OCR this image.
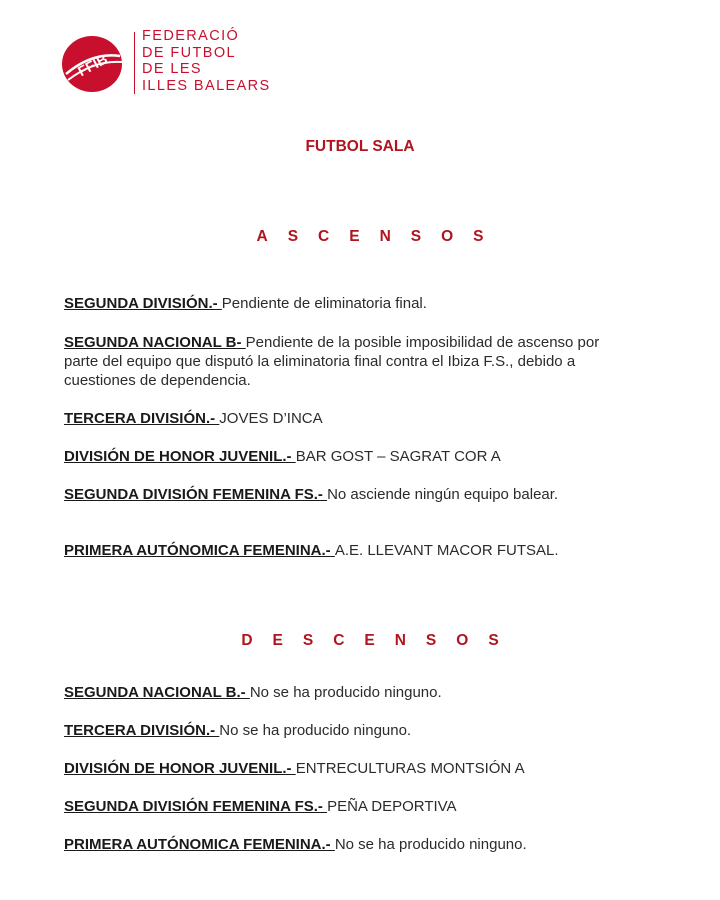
FFIB
FEDERACIÓ
DE FUTBOL
DE LES
ILLES BALEARS
FUTBOL SALA
ASCENSOS
SEGUNDA DIVISIÓN.- Pendiente de eliminatoria final.
SEGUNDA NACIONAL B- Pendiente de la posible imposibilidad de ascenso por parte del equipo que disputó la eliminatoria final contra el Ibiza F.S., debido a cuestiones de dependencia.
TERCERA DIVISIÓN.- JOVES D’INCA
DIVISIÓN DE HONOR JUVENIL.- BAR GOST – SAGRAT COR A
SEGUNDA DIVISIÓN FEMENINA FS.- No asciende ningún equipo balear.
PRIMERA AUTÓNOMICA FEMENINA.- A.E. LLEVANT MACOR FUTSAL.
DESCENSOS
SEGUNDA NACIONAL B.- No se ha producido ninguno.
TERCERA DIVISIÓN.- No se ha producido ninguno.
DIVISIÓN DE HONOR JUVENIL.- ENTRECULTURAS MONTSIÓN A
SEGUNDA DIVISIÓN FEMENINA FS.- PEÑA DEPORTIVA
PRIMERA AUTÓNOMICA FEMENINA.- No se ha producido ninguno.
